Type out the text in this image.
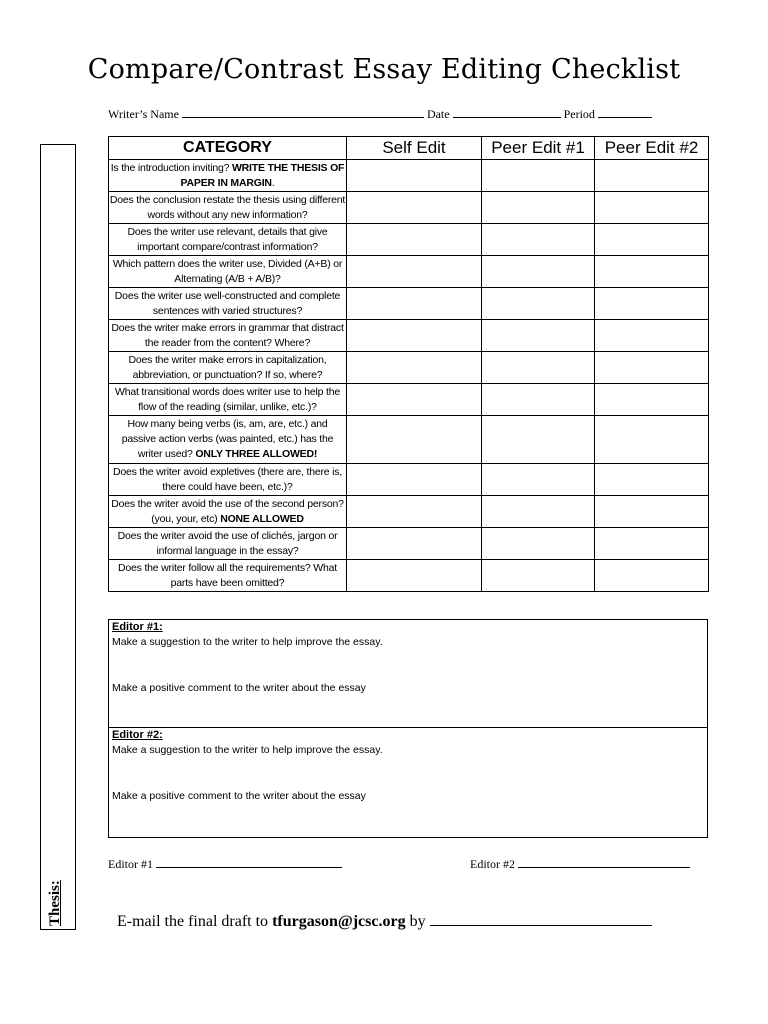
Compare/Contrast Essay Editing Checklist
Writer’s Name	Date	Period
Thesis:
CATEGORY	Self Edit	Peer Edit #1	Peer Edit #2
Is the introduction inviting? WRITE THE THESIS OF PAPER IN MARGIN.			
Does the conclusion restate the thesis using different words without any new information?			
Does the writer use relevant, details that give important compare/contrast information?			
Which pattern does the writer use, Divided (A+B) or Alternating (A/B + A/B)?			
Does the writer use well-constructed and complete sentences with varied structures?			
Does the writer make errors in grammar that distract the reader from the content? Where?			
Does the writer make errors in capitalization, abbreviation, or punctuation? If so, where?			
What transitional words does writer use to help the flow of the reading (similar, unlike, etc.)?			
How many being verbs (is, am, are, etc.) and passive action verbs (was painted, etc.) has the writer used? ONLY THREE ALLOWED!			
Does the writer avoid expletives (there are, there is, there could have been, etc.)?			
Does the writer avoid the use of the second person? (you, your, etc) NONE ALLOWED			
Does the writer avoid the use of clichés, jargon or informal language in the essay?			
Does the writer follow all the requirements? What parts have been omitted?			
Editor #1:
Make a suggestion to the writer to help improve the essay.
Make a positive comment to the writer about the essay
Editor #2:
Make a suggestion to the writer to help improve the essay.
Make a positive comment to the writer about the essay
Editor #1	Editor #2
E-mail the final draft to tfurgason@jcsc.org by
